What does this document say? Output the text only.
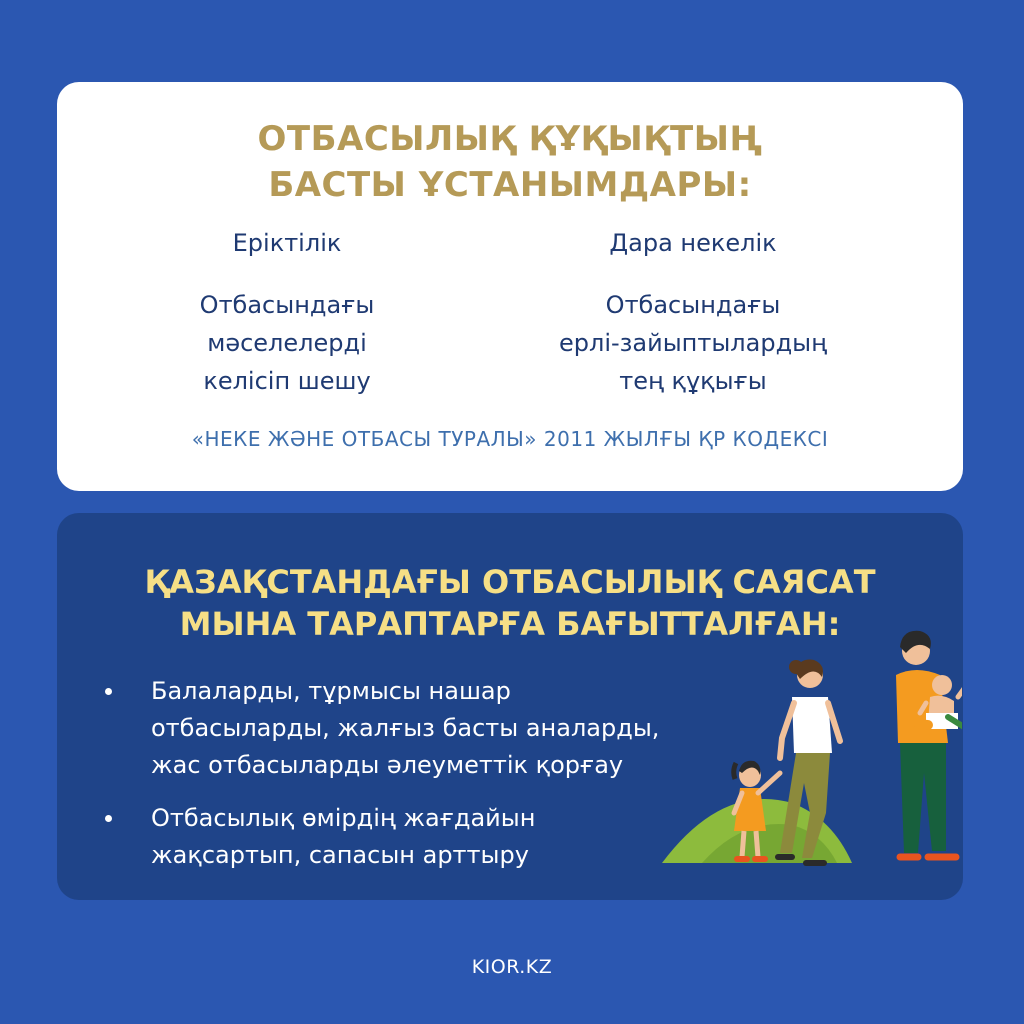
ОТБАСЫЛЫҚ ҚҰҚЫҚТЫҢ
БАСТЫ ҰСТАНЫМДАРЫ:
Еріктілік
Отбасындағы
мәселелерді
келісіп шешу
Дара некелік
Отбасындағы
ерлі-зайыптылардың
тең құқығы
«НЕКЕ ЖӘНЕ ОТБАСЫ ТУРАЛЫ» 2011 ЖЫЛҒЫ ҚР КОДЕКСІ
ҚАЗАҚСТАНДАҒЫ ОТБАСЫЛЫҚ САЯСАТ
МЫНА ТАРАПТАРҒА БАҒЫТТАЛҒАН:
Балаларды, тұрмысы нашар
отбасыларды, жалғыз басты аналарды,
жас отбасыларды әлеуметтік қорғау
Отбасылық өмірдің жағдайын
жақсартып, сапасын арттыру
KIOR.KZ
